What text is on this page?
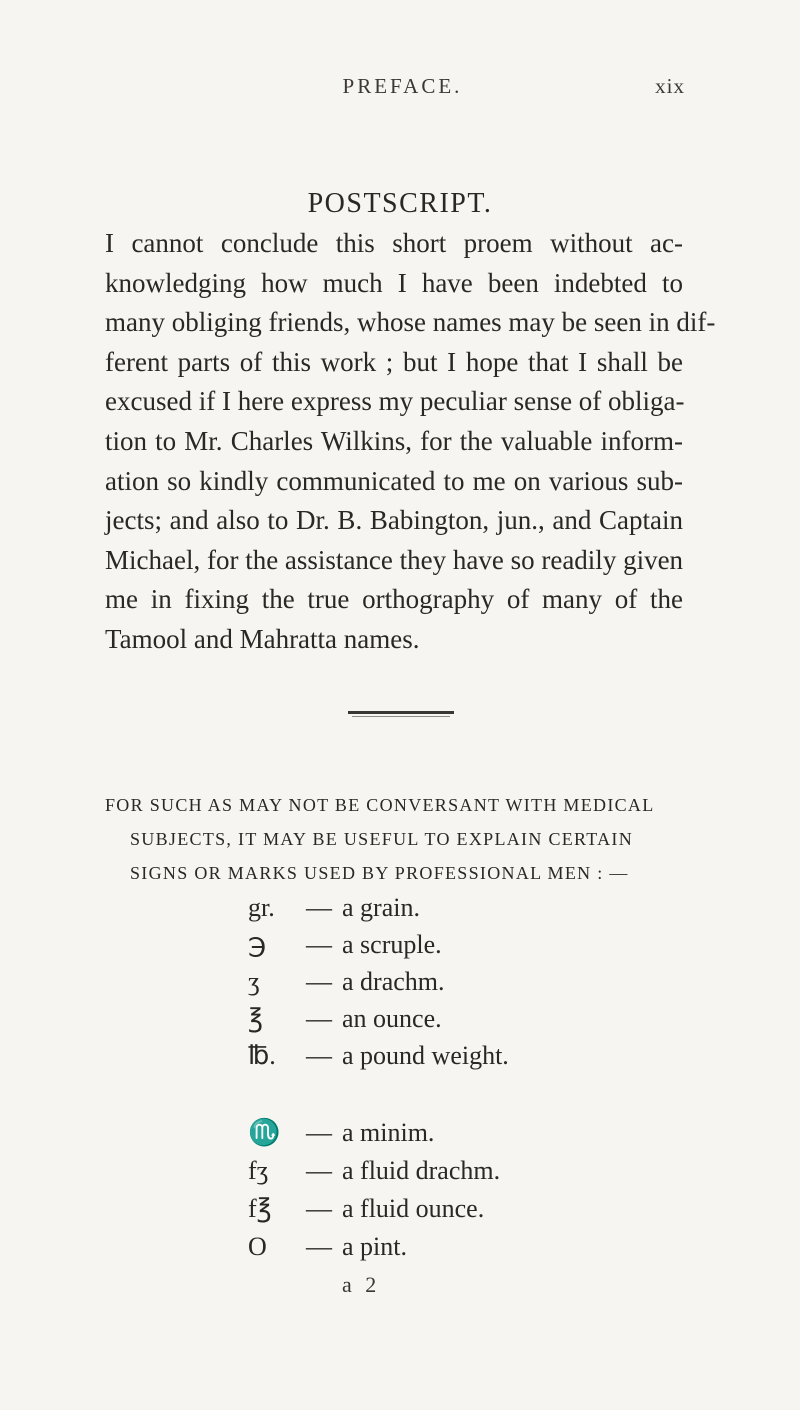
PREFACE.	xix
POSTSCRIPT.
I cannot conclude this short proem without ac-
knowledging how much I have been indebted to
many obliging friends, whose names may be seen in dif-
ferent parts of this work ; but I hope that I shall be
excused if I here express my peculiar sense of obliga-
tion to Mr. Charles Wilkins, for the valuable inform-
ation so kindly communicated to me on various sub-
jects; and also to Dr. B. Babington, jun., and Captain
Michael, for the assistance they have so readily given
me in fixing the true orthography of many of the
Tamool and Mahratta names.
FOR SUCH AS MAY NOT BE CONVERSANT WITH MEDICAL
SUBJECTS, IT MAY BE USEFUL TO EXPLAIN CERTAIN
SIGNS OR MARKS USED BY PROFESSIONAL MEN : —
gr.	— a grain.
℈	— a scruple.
ʒ	— a drachm.
℥	— an ounce.
℔.	— a pound weight.
♏ — a minim.
fʒ	— a fluid drachm.
f℥	— a fluid ounce.
O	— a pint.
a 2
